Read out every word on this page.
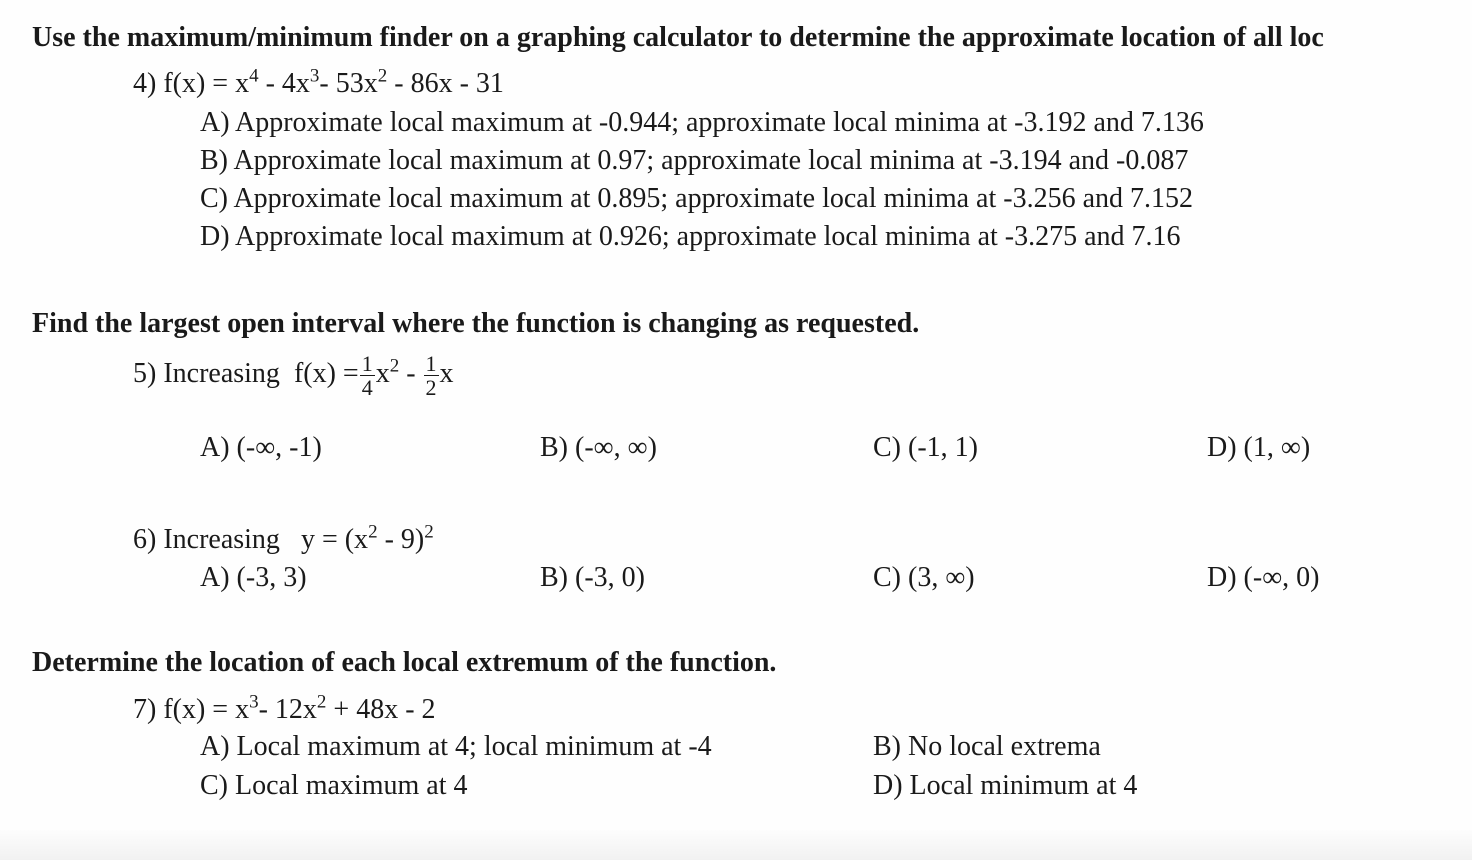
Use the maximum/minimum finder on a graphing calculator to determine the approximate location of all loc
4) $f(x) = x^4 - 4x^3-$ $53x^2 - 86x - 31$
A) Approximate local maximum at -0.944; approximate local minima at -3.192 and 7.136
B) Approximate local maximum at 0.97; approximate local minima at -3.194 and -0.087
C) Approximate local maximum at 0.895; approximate local minima at -3.256 and 7.152
D) Approximate local maximum at 0.926; approximate local minima at -3.275 and 7.16
Find the largest open interval where the function is changing as requested.
5) Increasing $f(x) = \frac{1}{4} x^2 - \frac{1}{2}$ x
A) (-∞, -1)	B) (-∞, ∞)	C) (-1, 1)	D) (1, ∞)
6) Increasing $y = (x^2 - 9)^2$
A) (-3, 3)	B) (-3, 0)	C) (3, ∞)	D) (-∞, 0)
Determine the location of each local extremum of the function.
7) $f(x) = x^3-$ $12x^2 + 48x - 2$
A) Local maximum at 4; local minimum at -4	B) No local extrema
C) Local maximum at 4	D) Local minimum at 4
